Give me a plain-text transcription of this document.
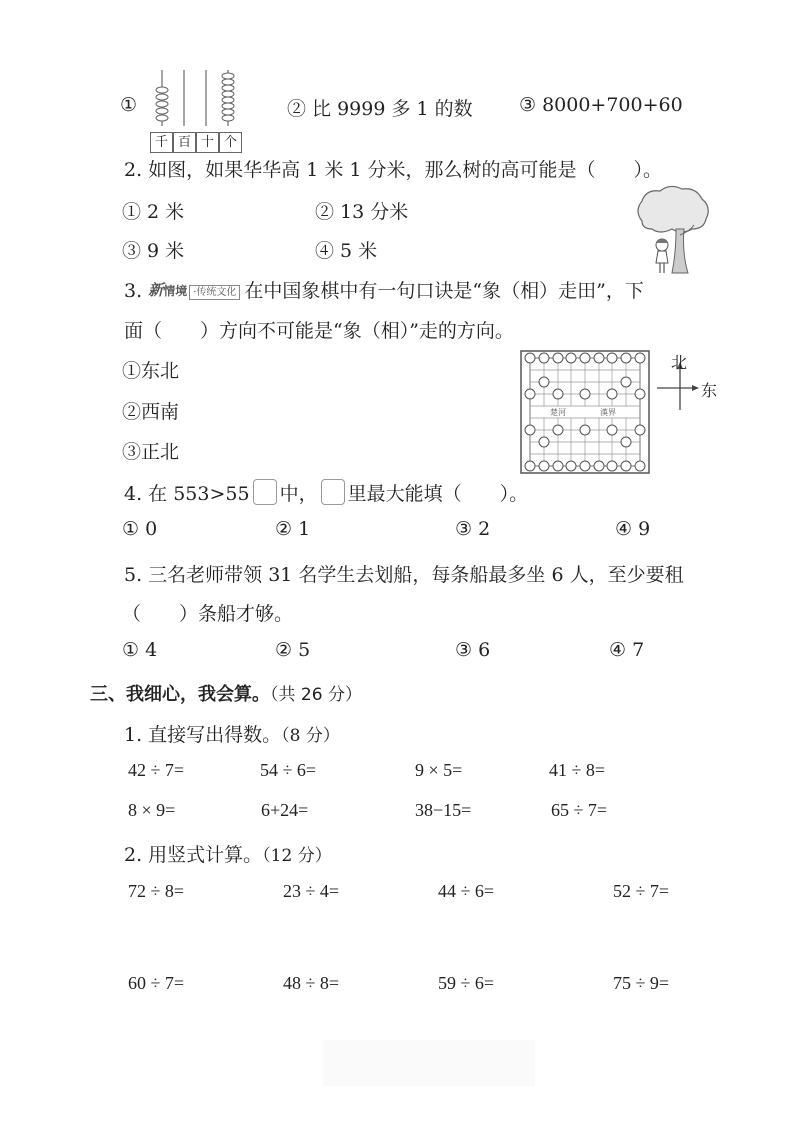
①
千 百 十 个
② 比 9999 多 1 的数 ③ 8000+700+60
2. 如图，如果华华高 1 米 1 分米，那么树的高可能是（　　）。
① 2 米	② 13 分米
③ 9 米	④ 5 米
3. 新情境 ·传统文化 在中国象棋中有一句口诀是“象（相）走田”，下
面（　　）方向不可能是“象（相）”走的方向。
①东北
②西南
③正北
楚河	漢界
北
东
4. 在 553>55 中， 里最大能填（　　）。
① 0	② 1	③ 2	④ 9
5. 三名老师带领 31 名学生去划船，每条船最多坐 6 人，至少要租
（　　）条船才够。
① 4	② 5	③ 6	④ 7
三、我细心，我会算。（共 26 分）
1. 直接写出得数。（8 分）
42 ÷ 7=	54 ÷ 6=	9 × 5=	41 ÷ 8=
8 × 9=	6+24=	38−15=	65 ÷ 7=
2. 用竖式计算。（12 分）
72 ÷ 8=	23 ÷ 4=	44 ÷ 6=	52 ÷ 7=
60 ÷ 7=	48 ÷ 8=	59 ÷ 6=	75 ÷ 9=
